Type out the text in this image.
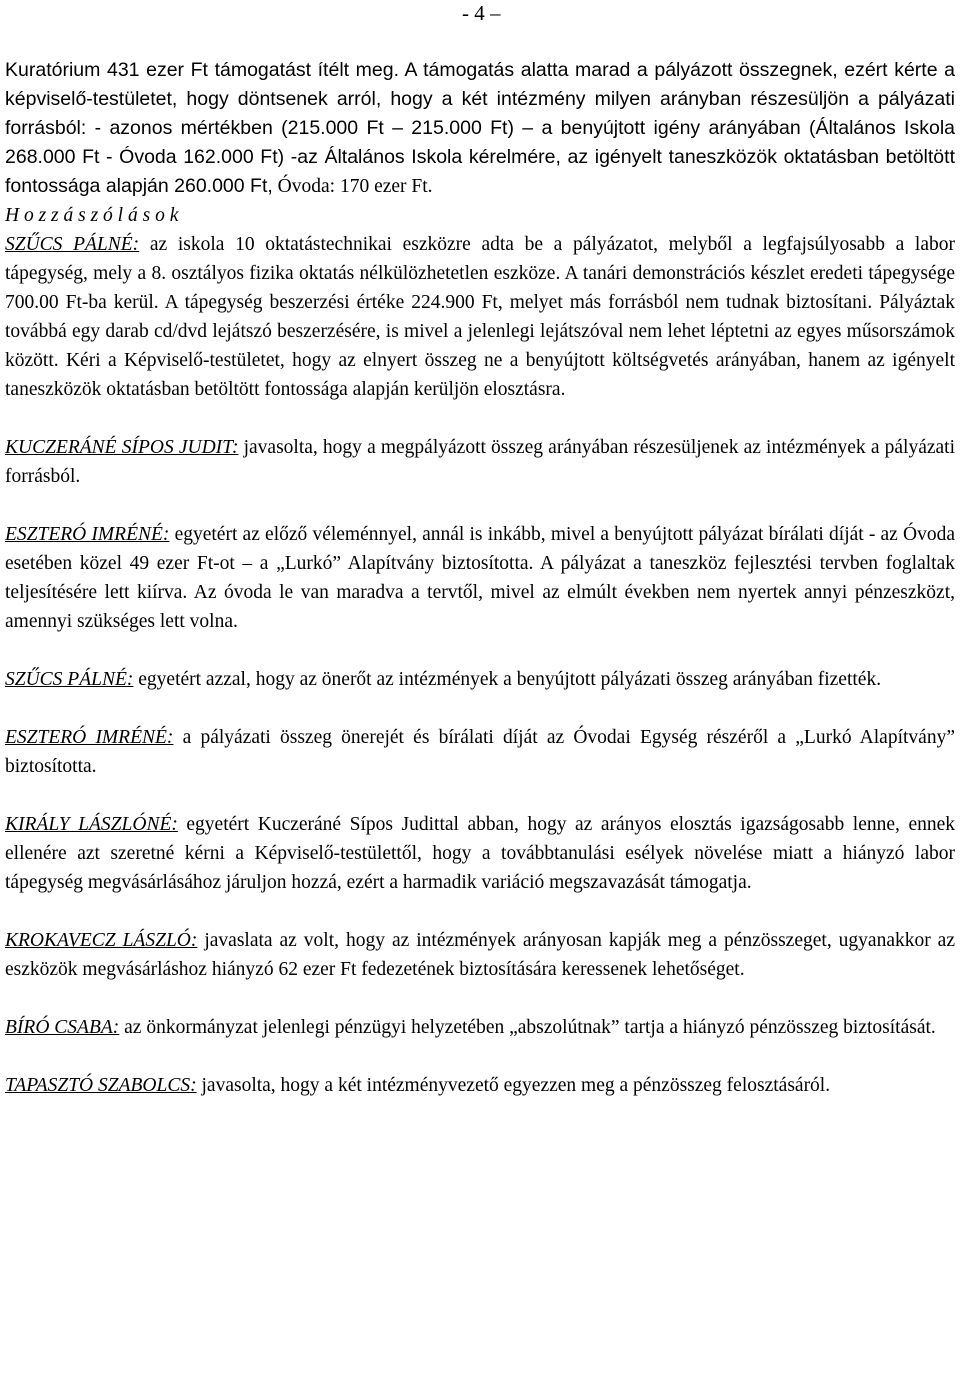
- 4 –

Kuratórium 431 ezer Ft támogatást ítélt meg. A támogatás alatta marad a pályázott összegnek, ezért kérte a képviselő-testületet, hogy döntsenek arról, hogy a két intézmény milyen arányban részesüljön a pályázati forrásból: - azonos mértékben (215.000 Ft – 215.000 Ft) – a benyújtott igény arányában (Általános Iskola 268.000 Ft - Óvoda 162.000 Ft) -az Általános Iskola kérelmére, az igényelt taneszközök oktatásban betöltött fontossága alapján 260.000 Ft, Óvoda: 170 ezer Ft.

H o z z á s z ó l á s o k

SZŰCS PÁLNÉ: az iskola 10 oktatástechnikai eszközre adta be a pályázatot, melyből a legfajsúlyosabb a labor tápegység, mely a 8. osztályos fizika oktatás nélkülözhetetlen eszköze. A tanári demonstrációs készlet eredeti tápegysége 700.00 Ft-ba kerül. A tápegység beszerzési értéke 224.900 Ft, melyet más forrásból nem tudnak biztosítani. Pályáztak továbbá egy darab cd/dvd lejátszó beszerzésére, is mivel a jelenlegi lejátszóval nem lehet léptetni az egyes műsorszámok között. Kéri a Képviselő-testületet, hogy az elnyert összeg ne a benyújtott költségvetés arányában, hanem az igényelt taneszközök oktatásban betöltött fontossága alapján kerüljön elosztásra.

KUCZERÁNÉ SÍPOS JUDIT: javasolta, hogy a megpályázott összeg arányában részesüljenek az intézmények a pályázati forrásból.

ESZTERÓ IMRÉNÉ: egyetért az előző véleménnyel, annál is inkább, mivel a benyújtott pályázat bírálati díját - az Óvoda esetében közel 49 ezer Ft-ot – a „Lurkó” Alapítvány biztosította. A pályázat a taneszköz fejlesztési tervben foglaltak teljesítésére lett kiírva. Az óvoda le van maradva a tervtől, mivel az elmúlt években nem nyertek annyi pénzeszközt, amennyi szükséges lett volna.

SZŰCS PÁLNÉ: egyetért azzal, hogy az önerőt az intézmények a benyújtott pályázati összeg arányában fizették.

ESZTERÓ IMRÉNÉ: a pályázati összeg önerejét és bírálati díját az Óvodai Egység részéről a „Lurkó Alapítvány” biztosította.

KIRÁLY LÁSZLÓNÉ: egyetért Kuczeráné Sípos Judittal abban, hogy az arányos elosztás igazságosabb lenne, ennek ellenére azt szeretné kérni a Képviselő-testülettől, hogy a továbbtanulási esélyek növelése miatt a hiányzó labor tápegység megvásárlásához járuljon hozzá, ezért a harmadik variáció megszavazását támogatja.

KROKAVECZ LÁSZLÓ: javaslata az volt, hogy az intézmények arányosan kapják meg a pénzösszeget, ugyanakkor az eszközök megvásárláshoz hiányzó 62 ezer Ft fedezetének biztosítására keressenek lehetőséget.

BÍRÓ CSABA: az önkormányzat jelenlegi pénzügyi helyzetében „abszolútnak” tartja a hiányzó pénzösszeg biztosítását.

TAPASZTÓ SZABOLCS: javasolta, hogy a két intézményvezető egyezzen meg a pénzösszeg felosztásáról.
